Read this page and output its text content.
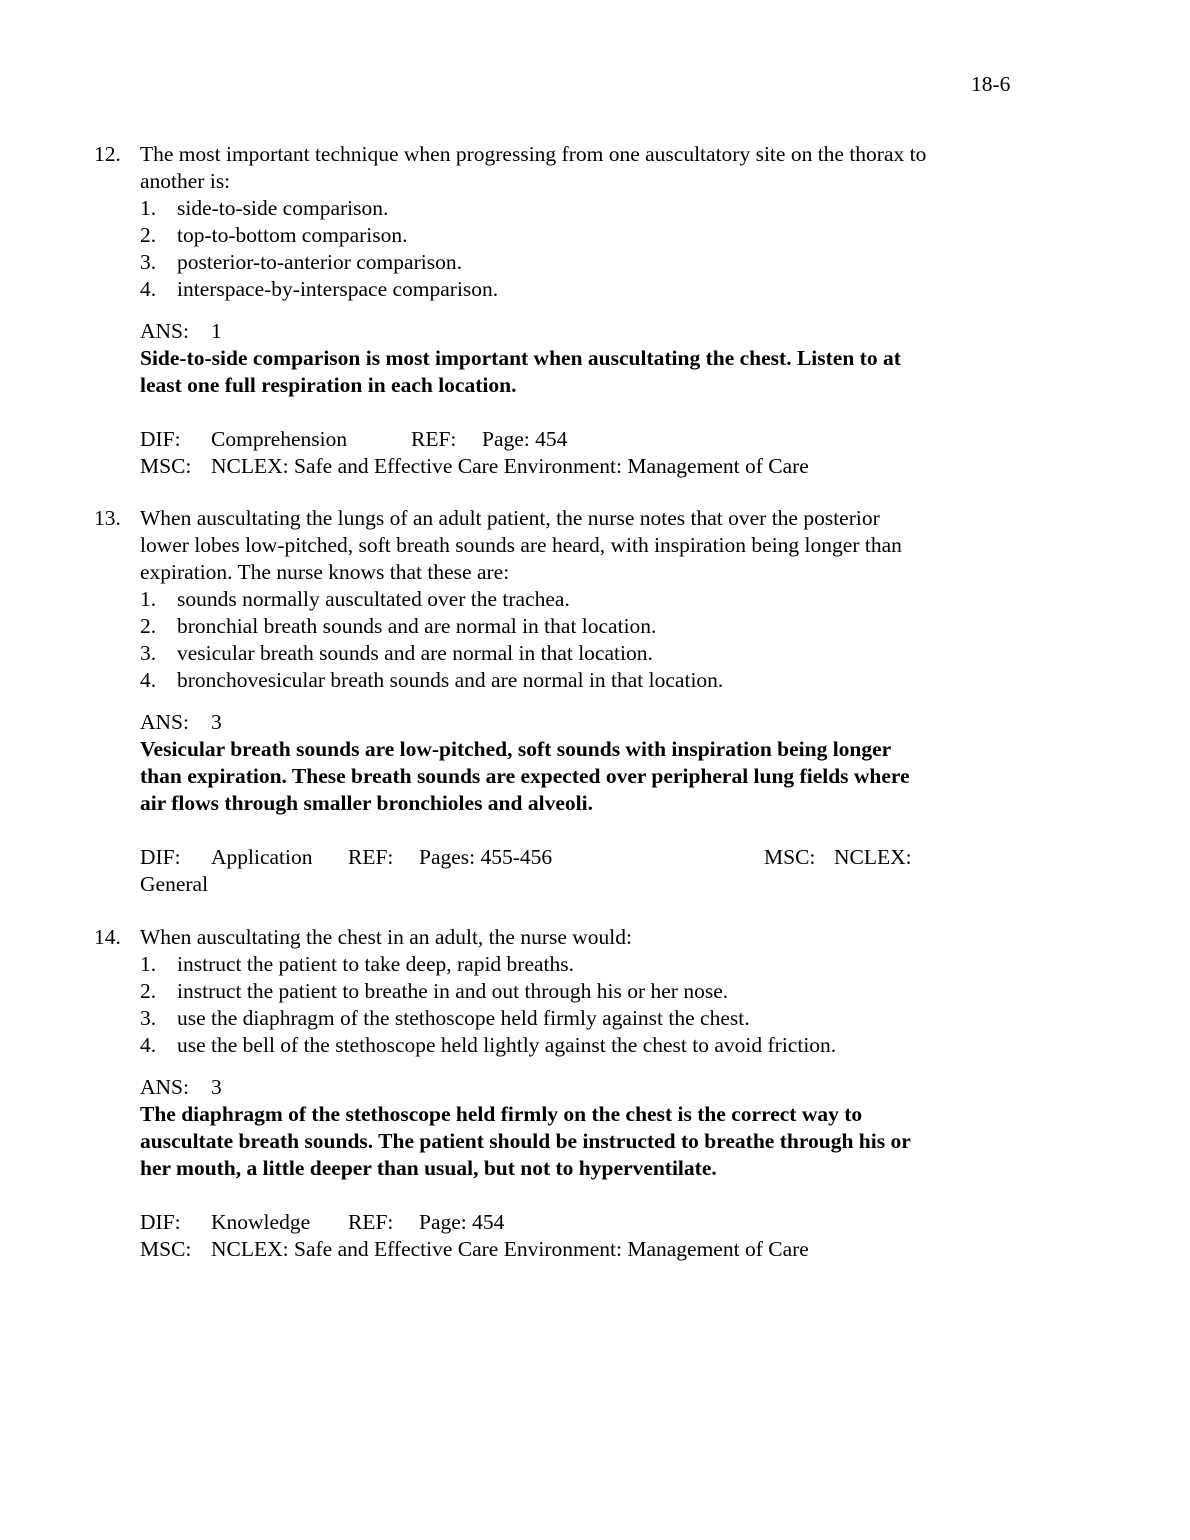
18-6
12. The most important technique when progressing from one auscultatory site on the thorax to another is:
1. side-to-side comparison.
2. top-to-bottom comparison.
3. posterior-to-anterior comparison.
4. interspace-by-interspace comparison.
ANS: 1
Side-to-side comparison is most important when auscultating the chest. Listen to at least one full respiration in each location.
DIF: Comprehension	REF: Page: 454
MSC: NCLEX: Safe and Effective Care Environment: Management of Care
13. When auscultating the lungs of an adult patient, the nurse notes that over the posterior lower lobes low-pitched, soft breath sounds are heard, with inspiration being longer than expiration. The nurse knows that these are:
1. sounds normally auscultated over the trachea.
2. bronchial breath sounds and are normal in that location.
3. vesicular breath sounds and are normal in that location.
4. bronchovesicular breath sounds and are normal in that location.
ANS: 3
Vesicular breath sounds are low-pitched, soft sounds with inspiration being longer than expiration. These breath sounds are expected over peripheral lung fields where air flows through smaller bronchioles and alveoli.
DIF: Application REF: Pages: 455-456	MSC: NCLEX:
General
14. When auscultating the chest in an adult, the nurse would:
1. instruct the patient to take deep, rapid breaths.
2. instruct the patient to breathe in and out through his or her nose.
3. use the diaphragm of the stethoscope held firmly against the chest.
4. use the bell of the stethoscope held lightly against the chest to avoid friction.
ANS: 3
The diaphragm of the stethoscope held firmly on the chest is the correct way to auscultate breath sounds. The patient should be instructed to breathe through his or her mouth, a little deeper than usual, but not to hyperventilate.
DIF: Knowledge REF: Page: 454
MSC: NCLEX: Safe and Effective Care Environment: Management of Care
